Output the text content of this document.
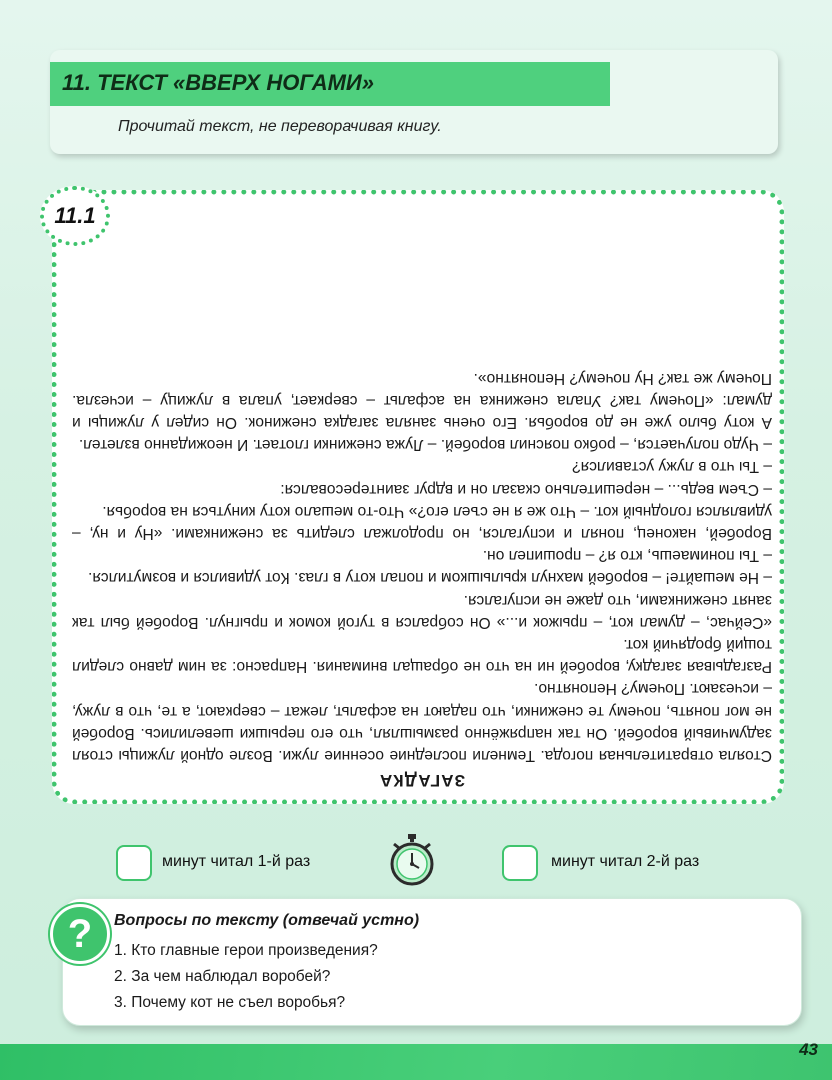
11. ТЕКСТ «ВВЕРХ НОГАМИ»

Прочитай текст, не переворачивая книгу.

11.1
ЗАГАДКА

Стояла отвратительная погода. Темнели последние осенние лужи. Возле одной лужицы стоял задумчивый воробей. Он так напряжённо размышлял, что его перышки шевелились. Воробей не мог понять, почему те снежинки, что падают на асфальт, лежат – сверкают, а те, что в лужу, – исчезают. Почему? Непонятно.

Разгадывая загадку, воробей ни на что не обращал внимания. Напрасно: за ним давно следил тощий бродячий кот.

«Сейчас, – думал кот, – прыжок и...» Он собрался в тугой комок и прыгнул. Воробей был так занят снежинками, что даже не испугался.

– Не мешайте! – воробей махнул крылышком и попал коту в глаз. Кот удивился и возмутился.

– Ты понимаешь, кто я? – прошипел он.

Воробей, наконец, понял и испугался, но продолжал следить за снежинками. «Ну и ну, – удивлялся голодный кот. – Что же я не съел его?» Что-то мешало коту кинуться на воробья.

– Съем ведь... – нерешительно сказал он и вдруг заинтересовался:

– Ты что в лужу уставился?

– Чудо получается, – робко пояснил воробей. – Лужа снежинки глотает. И неожиданно взлетел.

А коту было уже не до воробья. Его очень заняла загадка снежинок. Он сидел у лужицы и думал: «Почему так? Упала снежинка на асфальт – сверкает, упала в лужицу – исчезла. Почему же так? Ну почему? Непонятно».

минут читал 1-й раз	минут читал 2-й раз
? Вопросы по тексту (отвечай устно)

1. Кто главные герои произведения?
2. За чем наблюдал воробей?
3. Почему кот не съел воробья?
43
